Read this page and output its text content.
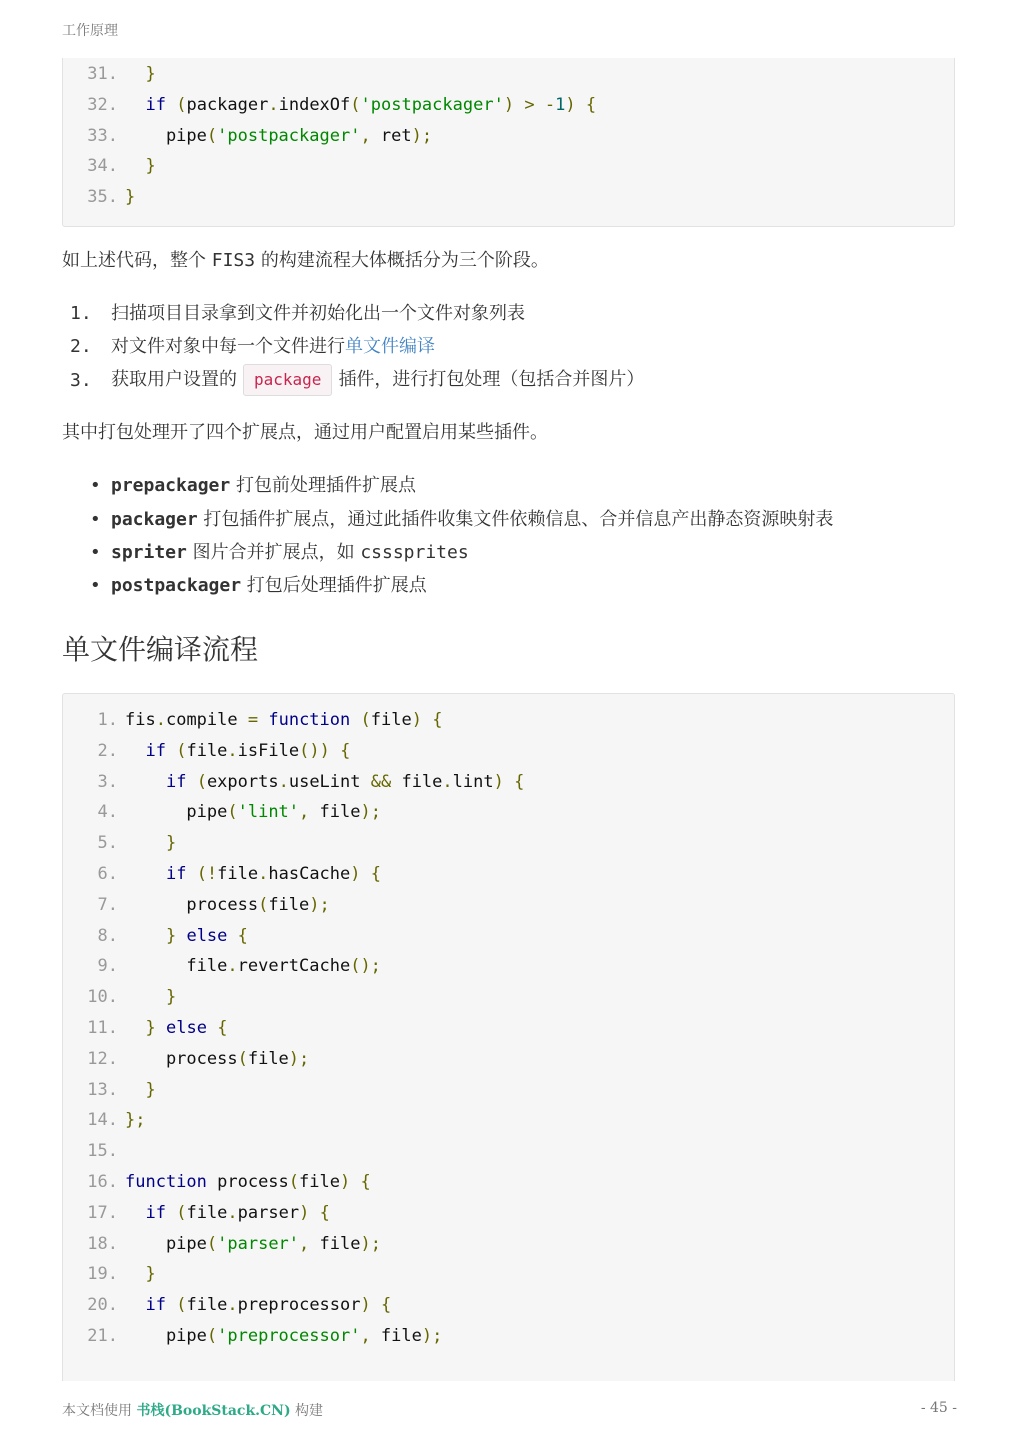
工作原理
31.	}
32.	if (packager.indexOf('postpackager') > -1) {
33. pipe('postpackager', ret);
34.	}
35. }
如上述代码，整个 FIS3 的构建流程大体概括分为三个阶段。
1. 扫描项目目录拿到文件并初始化出一个文件对象列表
2. 对文件对象中每一个文件进行单文件编译
3. 获取用户设置的 package 插件，进行打包处理（包括合并图片）
其中打包处理开了四个扩展点，通过用户配置启用某些插件。
• prepackager 打包前处理插件扩展点
• packager 打包插件扩展点，通过此插件收集文件依赖信息、合并信息产出静态资源映射表
• spriter 图片合并扩展点，如 csssprites
• postpackager 打包后处理插件扩展点
单文件编译流程
1. fis.compile = function (file) {
2.	if (file.isFile()) {
3.	if (exports.useLint && file.lint) {
4. pipe('lint', file);
5.	}
6.	if (!file.hasCache) {
7. process(file);
8.	} else {
9. file.revertCache();
10.	}
11.	} else {
12. process(file);
13.	}
14. };
15.
16. function process(file) {
17.	if (file.parser) {
18. pipe('parser', file);
19.	}
20.	if (file.preprocessor) {
21. pipe('preprocessor', file);
本文档使用 书栈(BookStack.CN) 构建	- 45 -
